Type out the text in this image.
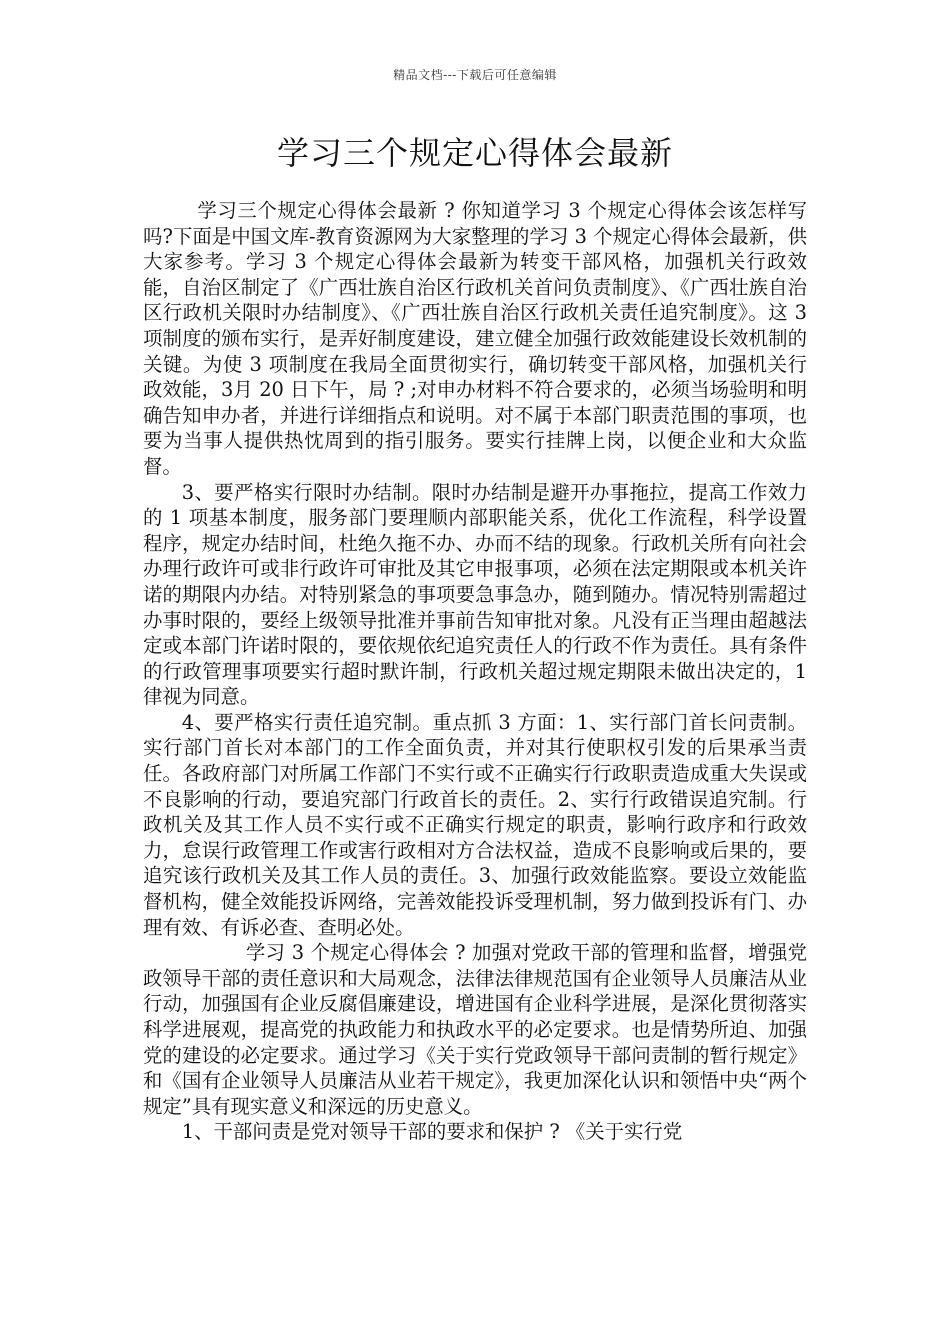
精品文档---下载后可任意编辑
学习三个规定心得体会最新

学习三个规定心得体会最新 ? 你知道学习 3 个规定心得体会该怎样写吗?下面是中国文库-教育资源网为大家整理的学习 3 个规定心得体会最新，供大家参考。学习 3 个规定心得体会最新为转变干部风格，加强机关行政效能，自治区制定了《广西壮族自治区行政机关首问负责制度》、《广西壮族自治区行政机关限时办结制度》、《广西壮族自治区行政机关责任追究制度》。这 3 项制度的颁布实行，是弄好制度建设，建立健全加强行政效能建设长效机制的关键。为使 3 项制度在我局全面贯彻实行，确切转变干部风格，加强机关行政效能，3月 20 日下午，局 ? ;对申办材料不符合要求的，必须当场验明和明确告知申办者，并进行详细指点和说明。对不属于本部门职责范围的事项，也要为当事人提供热忱周到的指引服务。要实行挂牌上岗，以便企业和大众监督。

3、要严格实行限时办结制。限时办结制是避开办事拖拉，提高工作效力的 1 项基本制度，服务部门要理顺内部职能关系，优化工作流程，科学设置程序，规定办结时间，杜绝久拖不办、办而不结的现象。行政机关所有向社会办理行政许可或非行政许可审批及其它申报事项，必须在法定期限或本机关许诺的期限内办结。对特别紧急的事项要急事急办，随到随办。情况特别需超过办事时限的，要经上级领导批准并事前告知审批对象。凡没有正当理由超越法定或本部门许诺时限的，要依规依纪追究责任人的行政不作为责任。具有条件的行政管理事项要实行超时默许制，行政机关超过规定期限未做出决定的，1 律视为同意。

4、要严格实行责任追究制。重点抓 3 方面：1、实行部门首长问责制。实行部门首长对本部门的工作全面负责，并对其行使职权引发的后果承当责任。各政府部门对所属工作部门不实行或不正确实行行政职责造成重大失误或不良影响的行动，要追究部门行政首长的责任。2、实行行政错误追究制。行政机关及其工作人员不实行或不正确实行规定的职责，影响行政序和行政效力，怠误行政管理工作或害行政相对方合法权益，造成不良影响或后果的，要追究该行政机关及其工作人员的责任。3、加强行政效能监察。要设立效能监督机构，健全效能投诉网络，完善效能投诉受理机制，努力做到投诉有门、办理有效、有诉必查、查明必处。

学习 3 个规定心得体会 ? 加强对党政干部的管理和监督，增强党政领导干部的责任意识和大局观念，法律法律规范国有企业领导人员廉洁从业行动，加强国有企业反腐倡廉建设，增进国有企业科学进展，是深化贯彻落实科学进展观，提高党的执政能力和执政水平的必定要求。也是情势所迫、加强党的建设的必定要求。通过学习《关于实行党政领导干部问责制的暂行规定》和《国有企业领导人员廉洁从业若干规定》，我更加深化认识和领悟中央“两个规定”具有现实意义和深远的历史意义。

1、干部问责是党对领导干部的要求和保护 ? 《关于实行党
